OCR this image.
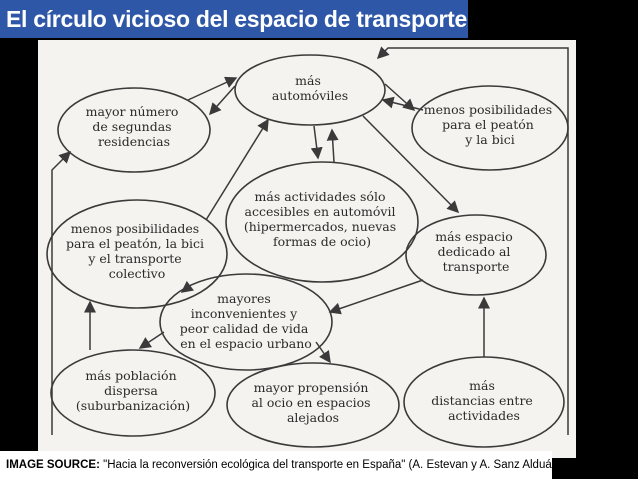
El círculo vicioso del espacio de transporte
más automóviles
mayor número de segundas residencias
menos posibilidades para el peatón y la bici
más actividades sólo accesibles en automóvil (hipermercados, nuevas formas de ocio)
menos posibilidades para el peatón, la bici y el transporte colectivo
más espacio dedicado al transporte
mayores inconvenientes y peor calidad de vida en el espacio urbano
más población dispersa (suburbanización)
mayor propensión al ocio en espacios alejados
más distancias entre actividades
IMAGE SOURCE: "Hacia la reconversión ecológica del transporte en España" (A. Estevan y A. Sanz Alduán)
